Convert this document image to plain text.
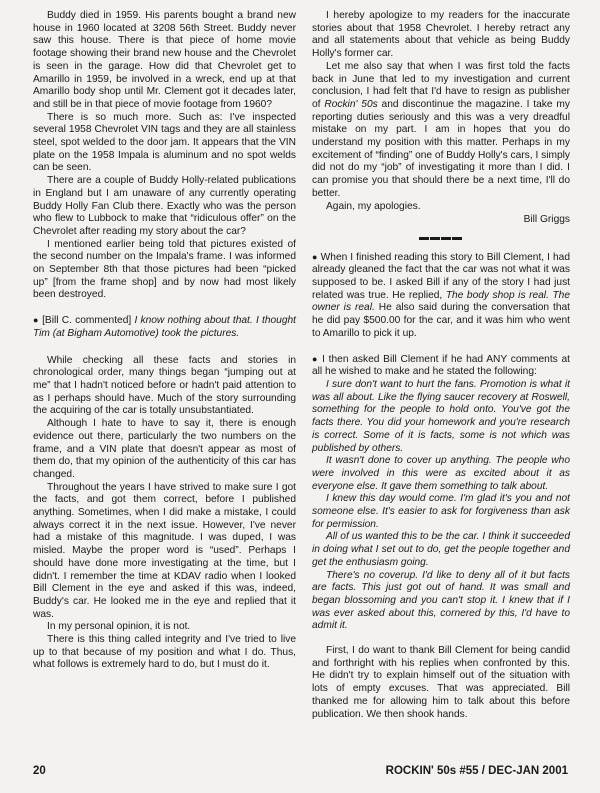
Buddy died in 1959. His parents bought a brand new house in 1960 located at 3208 56th Street. Buddy never saw this house. There is that piece of home movie footage showing their brand new house and the Chevrolet is seen in the garage. How did that Chevrolet get to Amarillo in 1959, be involved in a wreck, end up at that Amarillo body shop until Mr. Clement got it decades later, and still be in that piece of movie footage from 1960?

There is so much more. Such as: I've inspected several 1958 Chevrolet VIN tags and they are all stainless steel, spot welded to the door jam. It appears that the VIN plate on the 1958 Impala is aluminum and no spot welds can be seen.

There are a couple of Buddy Holly-related publications in England but I am unaware of any currently operating Buddy Holly Fan Club there. Exactly who was the person who flew to Lubbock to make that “ridiculous offer” on the Chevrolet after reading my story about the car?

I mentioned earlier being told that pictures existed of the second number on the Impala's frame. I was informed on September 8th that those pictures had been “picked up” [from the frame shop] and by now had most likely been destroyed.

● [Bill C. commented] I know nothing about that. I thought Tim (at Bigham Automotive) took the pictures.

While checking all these facts and stories in chronological order, many things began “jumping out at me” that I hadn't noticed before or hadn't paid attention to as I perhaps should have. Much of the story surrounding the acquiring of the car is totally unsubstantiated.

Although I hate to have to say it, there is enough evidence out there, particularly the two numbers on the frame, and a VIN plate that doesn't appear as most of them do, that my opinion of the authenticity of this car has changed.

Throughout the years I have strived to make sure I got the facts, and got them correct, before I published anything. Sometimes, when I did make a mistake, I could always correct it in the next issue. However, I've never had a mistake of this magnitude. I was duped, I was misled. Maybe the proper word is “used”. Perhaps I should have done more investigating at the time, but I didn't. I remember the time at KDAV radio when I looked Bill Clement in the eye and asked if this was, indeed, Buddy's car. He looked me in the eye and replied that it was.

In my personal opinion, it is not.

There is this thing called integrity and I've tried to live up to that because of my position and what I do. Thus, what follows is extremely hard to do, but I must do it.

I hereby apologize to my readers for the inaccurate stories about that 1958 Chevrolet. I hereby retract any and all statements about that vehicle as being Buddy Holly's former car.

Let me also say that when I was first told the facts back in June that led to my investigation and current conclusion, I had felt that I'd have to resign as publisher of Rockin' 50s and discontinue the magazine. I take my reporting duties seriously and this was a very dreadful mistake on my part. I am in hopes that you do understand my position with this matter. Perhaps in my excitement of “finding” one of Buddy Holly's cars, I simply did not do my “job” of investigating it more than I did. I can promise you that should there be a next time, I'll do better.

Again, my apologies.

Bill Griggs

▬▬▬▬

● When I finished reading this story to Bill Clement, I had already gleaned the fact that the car was not what it was supposed to be. I asked Bill if any of the story I had just related was true. He replied, The body shop is real. The owner is real. He also said during the conversation that he did pay $500.00 for the car, and it was him who went to Amarillo to pick it up.

● I then asked Bill Clement if he had ANY comments at all he wished to make and he stated the following:

I sure don't want to hurt the fans. Promotion is what it was all about. Like the flying saucer recovery at Roswell, something for the people to hold onto. You've got the facts there. You did your homework and you're research is correct. Some of it is facts, some is not which was published by others.

It wasn't done to cover up anything. The people who were involved in this were as excited about it as everyone else. It gave them something to talk about.

I knew this day would come. I'm glad it's you and not someone else. It's easier to ask for forgiveness than ask for permission.

All of us wanted this to be the car. I think it succeeded in doing what I set out to do, get the people together and get the enthusiasm going.

There's no coverup. I'd like to deny all of it but facts are facts. This just got out of hand. It was small and began blossoming and you can't stop it. I knew that if I was ever asked about this, cornered by this, I'd have to admit it.

First, I do want to thank Bill Clement for being candid and forthright with his replies when confronted by this. He didn't try to explain himself out of the situation with lots of empty excuses. That was appreciated. Bill thanked me for allowing him to talk about this before publication. We then shook hands.

20	ROCKIN' 50s #55 / DEC-JAN 2001
